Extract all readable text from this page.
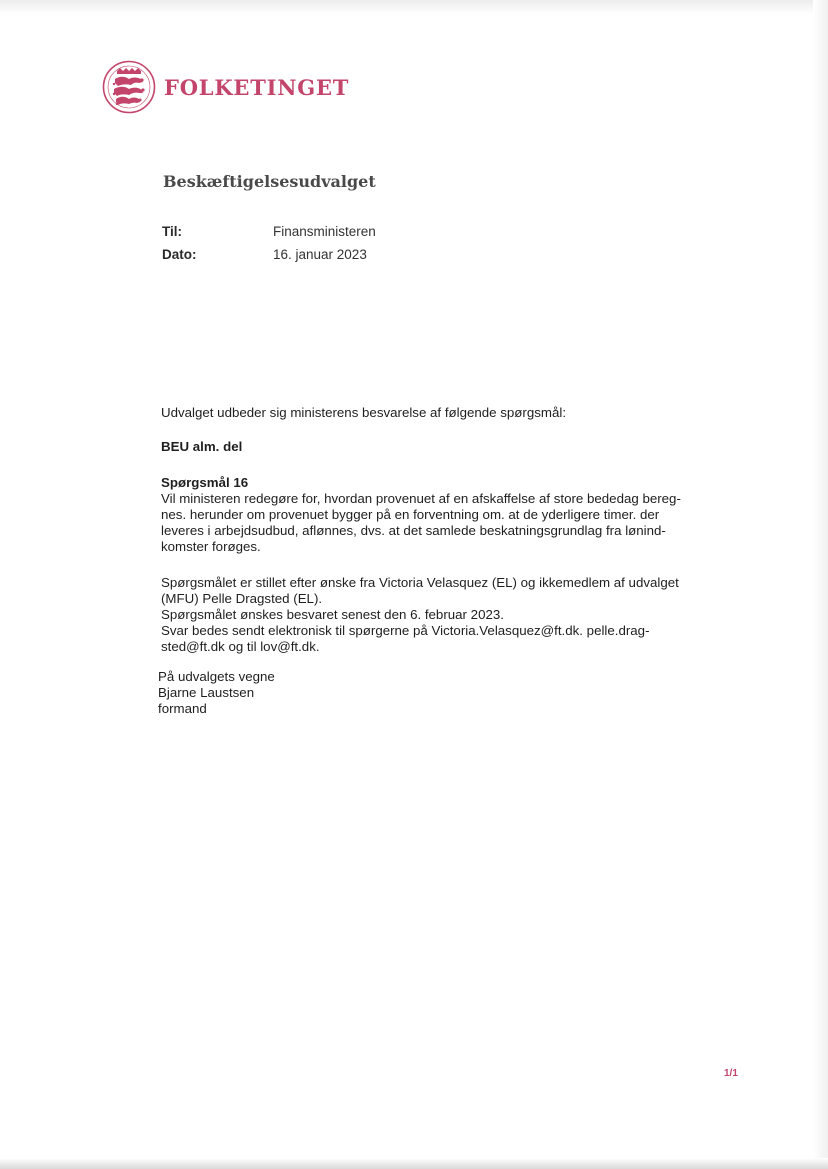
FOLKETINGET
Beskæftigelsesudvalget
Til:	Finansministeren
Dato:	16. januar 2023

Udvalget udbeder sig ministerens besvarelse af følgende spørgsmål:

BEU alm. del

Spørgsmål 16

Vil ministeren redegøre for, hvordan provenuet af en afskaffelse af store bededag bereg-
nes. herunder om provenuet bygger på en forventning om. at de yderligere timer. der
leveres i arbejdsudbud, aflønnes, dvs. at det samlede beskatningsgrundlag fra lønind-
komster forøges.

Spørgsmålet er stillet efter ønske fra Victoria Velasquez (EL) og ikkemedlem af udvalget
(MFU) Pelle Dragsted (EL).

Spørgsmålet ønskes besvaret senest den 6. februar 2023.

Svar bedes sendt elektronisk til spørgerne på Victoria.Velasquez@ft.dk. pelle.drag-
sted@ft.dk og til lov@ft.dk.

På udvalgets vegne
Bjarne Laustsen
formand
1/1
